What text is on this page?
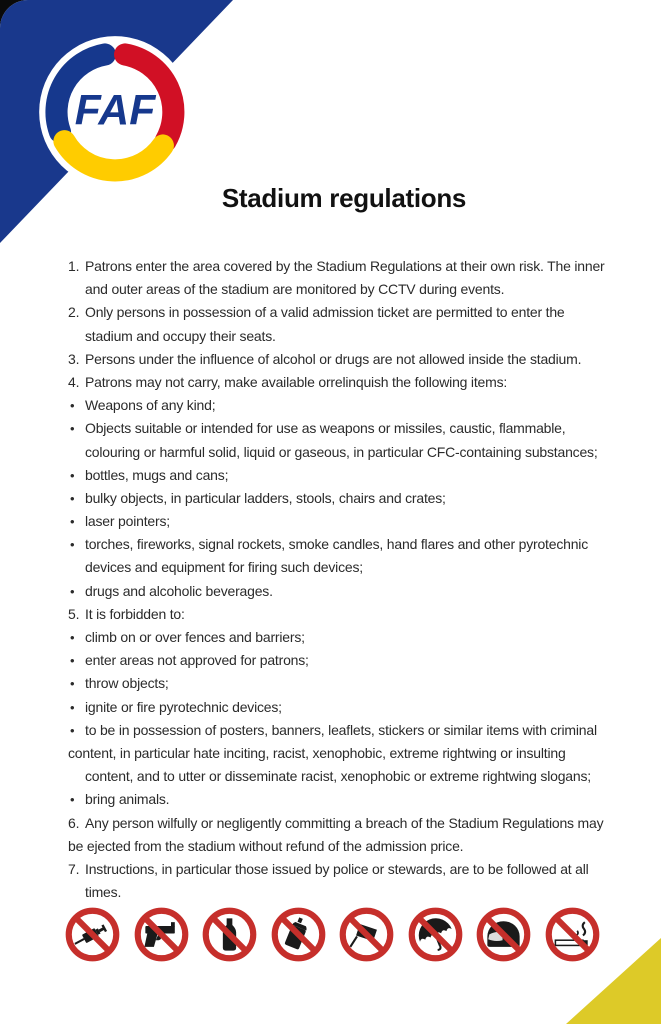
FAF
Stadium regulations
1. Patrons enter the area covered by the Stadium Regulations at their own risk. The inner
and outer areas of the stadium are monitored by CCTV during events.
2. Only persons in possession of a valid admission ticket are permitted to enter the
stadium and occupy their seats.
3. Persons under the influence of alcohol or drugs are not allowed inside the stadium.
4. Patrons may not carry, make available orrelinquish the following items:
• Weapons of any kind;
• Objects suitable or intended for use as weapons or missiles, caustic, flammable,
colouring or harmful solid, liquid or gaseous, in particular CFC-containing substances;
• bottles, mugs and cans;
• bulky objects, in particular ladders, stools, chairs and crates;
• laser pointers;
• torches, fireworks, signal rockets, smoke candles, hand flares and other pyrotechnic
devices and equipment for firing such devices;
• drugs and alcoholic beverages.
5. It is forbidden to:
• climb on or over fences and barriers;
• enter areas not approved for patrons;
• throw objects;
• ignite or fire pyrotechnic devices;
• to be in possession of posters, banners, leaflets, stickers or similar items with criminal
content, in particular hate inciting, racist, xenophobic, extreme rightwing or insulting
content, and to utter or disseminate racist, xenophobic or extreme rightwing slogans;
• bring animals.
6. Any person wilfully or negligently committing a breach of the Stadium Regulations may
be ejected from the stadium without refund of the admission price.
7. Instructions, in particular those issued by police or stewards, are to be followed at all
times.
